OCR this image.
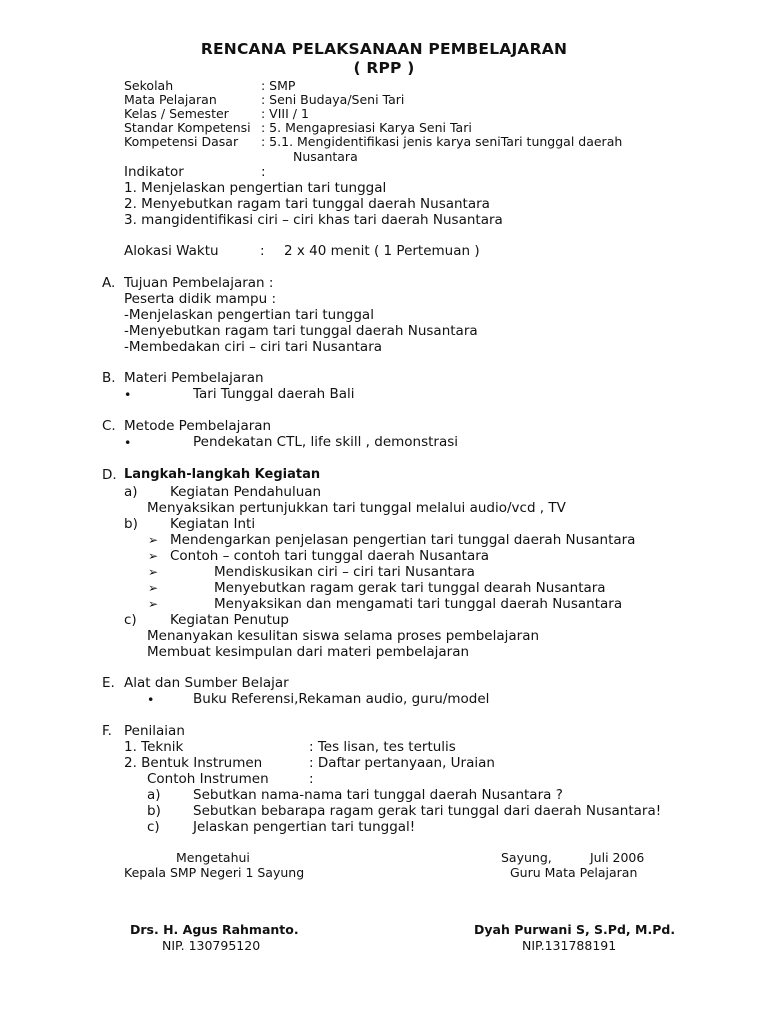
RENCANA PELAKSANAAN PEMBELAJARAN
( RPP )
Sekolah	: SMP
Mata Pelajaran	: Seni Budaya/Seni Tari
Kelas / Semester	: VIII / 1
Standar Kompetensi : 5. Mengapresiasi Karya Seni Tari
Kompetensi Dasar : 5.1. Mengidentifikasi jenis karya seniTari tunggal daerah
Nusantara
Indikator	:
1. Menjelaskan pengertian tari tunggal
2. Menyebutkan ragam tari tunggal daerah Nusantara
3. mangidentifikasi ciri – ciri khas tari daerah Nusantara
Alokasi Waktu	: 2 x 40 menit ( 1 Pertemuan )
A. Tujuan Pembelajaran :
Peserta didik mampu :
-Menjelaskan pengertian tari tunggal
-Menyebutkan ragam tari tunggal daerah Nusantara
-Membedakan ciri – ciri tari Nusantara
B. Materi Pembelajaran
•	Tari Tunggal daerah Bali
C. Metode Pembelajaran
•	Pendekatan CTL, life skill , demonstrasi
D. Langkah-langkah Kegiatan
a) Kegiatan Pendahuluan
Menyaksikan pertunjukkan tari tunggal melalui audio/vcd , TV
b) Kegiatan Inti
➢ Mendengarkan penjelasan pengertian tari tunggal daerah Nusantara
➢ Contoh – contoh tari tunggal daerah Nusantara
➢	Mendiskusikan ciri – ciri tari Nusantara
➢	Menyebutkan ragam gerak tari tunggal dearah Nusantara
➢	Menyaksikan dan mengamati tari tunggal daerah Nusantara
c) Kegiatan Penutup
Menanyakan kesulitan siswa selama proses pembelajaran
Membuat kesimpulan dari materi pembelajaran
E. Alat dan Sumber Belajar
•	Buku Referensi,Rekaman audio, guru/model
F. Penilaian
1. Teknik	: Tes lisan, tes tertulis
2. Bentuk Instrumen	: Daftar pertanyaan, Uraian
Contoh Instrumen	:
a) Sebutkan nama-nama tari tunggal daerah Nusantara ?
b) Sebutkan bebarapa ragam gerak tari tunggal dari daerah Nusantara!
c) Jelaskan pengertian tari tunggal!
Mengetahui
Kepala SMP Negeri 1 Sayung
Drs. H. Agus Rahmanto.
NIP. 130795120
Sayung,	Juli 2006
Guru Mata Pelajaran
Dyah Purwani S, S.Pd, M.Pd.
NIP.131788191
